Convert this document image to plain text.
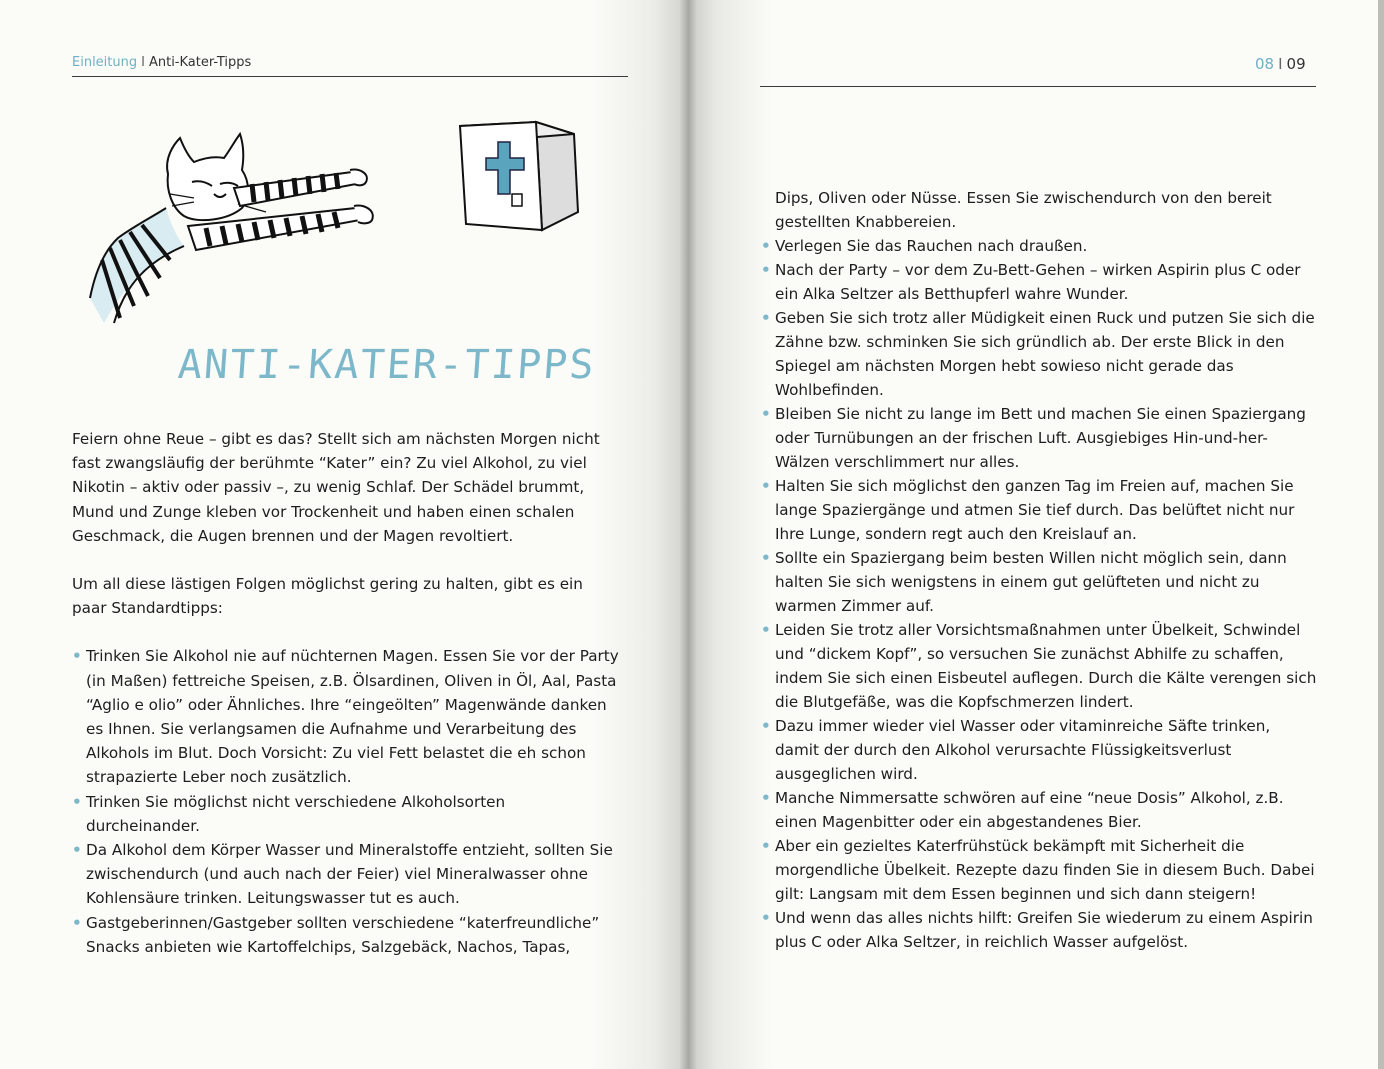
Einleitung I Anti-Kater-Tipps
ANTI-KATER-TIPPS

Feiern ohne Reue – gibt es das? Stellt sich am nächsten Morgen nicht fast zwangsläufig der berühmte “Kater” ein? Zu viel Alkohol, zu viel Nikotin – aktiv oder passiv –, zu wenig Schlaf. Der Schädel brummt, Mund und Zunge kleben vor Trockenheit und haben einen schalen Geschmack, die Augen brennen und der Magen revoltiert.

Um all diese lästigen Folgen möglichst gering zu halten, gibt es ein paar Standardtipps:

• Trinken Sie Alkohol nie auf nüchternen Magen. Essen Sie vor der Party (in Maßen) fettreiche Speisen, z.B. Ölsardinen, Oliven in Öl, Aal, Pasta “Aglio e olio” oder Ähnliches. Ihre “eingeölten” Magenwände danken es Ihnen. Sie verlangsamen die Aufnahme und Verarbeitung des Alkohols im Blut. Doch Vorsicht: Zu viel Fett belastet die eh schon strapazierte Leber noch zusätzlich.
• Trinken Sie möglichst nicht verschiedene Alkoholsorten durcheinander.
• Da Alkohol dem Körper Wasser und Mineralstoffe entzieht, sollten Sie zwischendurch (und auch nach der Feier) viel Mineralwasser ohne Kohlensäure trinken. Leitungswasser tut es auch.
• Gastgeberinnen/Gastgeber sollten verschiedene “katerfreundliche” Snacks anbieten wie Kartoffelchips, Salzgebäck, Nachos, Tapas,
08 I 09

Dips, Oliven oder Nüsse. Essen Sie zwischendurch von den bereit gestellten Knabbereien.

• Verlegen Sie das Rauchen nach draußen.
• Nach der Party – vor dem Zu-Bett-Gehen – wirken Aspirin plus C oder ein Alka Seltzer als Betthupferl wahre Wunder.
• Geben Sie sich trotz aller Müdigkeit einen Ruck und putzen Sie sich die Zähne bzw. schminken Sie sich gründlich ab. Der erste Blick in den Spiegel am nächsten Morgen hebt sowieso nicht gerade das Wohlbefinden.
• Bleiben Sie nicht zu lange im Bett und machen Sie einen Spaziergang oder Turnübungen an der frischen Luft. Ausgiebiges Hin-und-her-Wälzen verschlimmert nur alles.
• Halten Sie sich möglichst den ganzen Tag im Freien auf, machen Sie lange Spaziergänge und atmen Sie tief durch. Das belüftet nicht nur Ihre Lunge, sondern regt auch den Kreislauf an.
• Sollte ein Spaziergang beim besten Willen nicht möglich sein, dann halten Sie sich wenigstens in einem gut gelüfteten und nicht zu warmen Zimmer auf.
• Leiden Sie trotz aller Vorsichtsmaßnahmen unter Übelkeit, Schwindel und “dickem Kopf”, so versuchen Sie zunächst Abhilfe zu schaffen, indem Sie sich einen Eisbeutel auflegen. Durch die Kälte verengen sich die Blutgefäße, was die Kopfschmerzen lindert.
• Dazu immer wieder viel Wasser oder vitaminreiche Säfte trinken, damit der durch den Alkohol verursachte Flüssigkeitsverlust ausgeglichen wird.
• Manche Nimmersatte schwören auf eine “neue Dosis” Alkohol, z.B. einen Magenbitter oder ein abgestandenes Bier.
• Aber ein gezieltes Katerfrühstück bekämpft mit Sicherheit die morgendliche Übelkeit. Rezepte dazu finden Sie in diesem Buch. Dabei gilt: Langsam mit dem Essen beginnen und sich dann steigern!
• Und wenn das alles nichts hilft: Greifen Sie wiederum zu einem Aspirin plus C oder Alka Seltzer, in reichlich Wasser aufgelöst.
